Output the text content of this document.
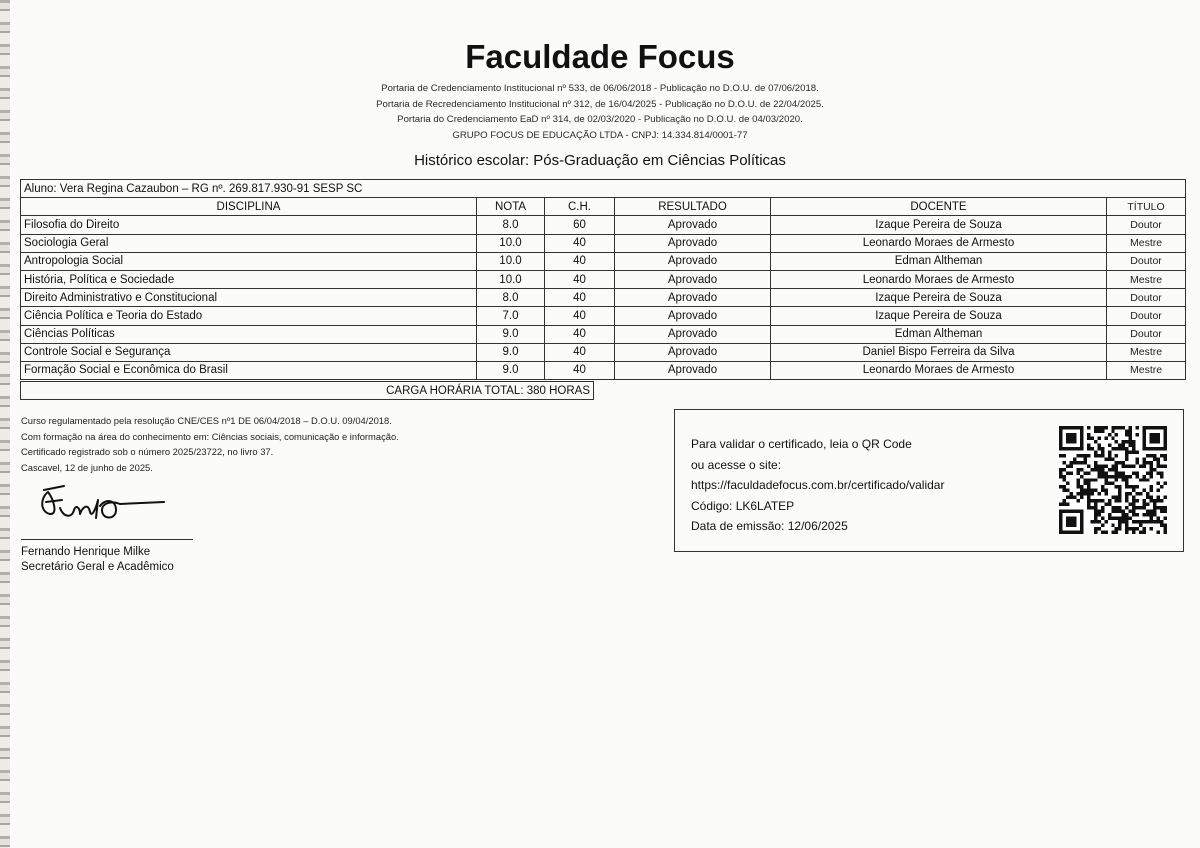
Faculdade Focus
Portaria de Credenciamento Institucional nº 533, de 06/06/2018 - Publicação no D.O.U. de 07/06/2018.
Portaria de Recredenciamento Institucional nº 312, de 16/04/2025 - Publicação no D.O.U. de 22/04/2025.
Portaria do Credenciamento EaD nº 314, de 02/03/2020 - Publicação no D.O.U. de 04/03/2020.
GRUPO FOCUS DE EDUCAÇÃO LTDA - CNPJ: 14.334.814/0001-77
Histórico escolar: Pós-Graduação em Ciências Políticas
Aluno: Vera Regina Cazaubon – RG nº. 269.817.930-91 SESP SC					
DISCIPLINA	NOTA	C.H.	RESULTADO	DOCENTE	TÍTULO
Filosofia do Direito	8.0	60	Aprovado	Izaque Pereira de Souza	Doutor
Sociologia Geral	10.0	40	Aprovado	Leonardo Moraes de Armesto	Mestre
Antropologia Social	10.0	40	Aprovado	Edman Altheman	Doutor
História, Política e Sociedade	10.0	40	Aprovado	Leonardo Moraes de Armesto	Mestre
Direito Administrativo e Constitucional	8.0	40	Aprovado	Izaque Pereira de Souza	Doutor
Ciência Política e Teoria do Estado	7.0	40	Aprovado	Izaque Pereira de Souza	Doutor
Ciências Políticas	9.0	40	Aprovado	Edman Altheman	Doutor
Controle Social e Segurança	9.0	40	Aprovado	Daniel Bispo Ferreira da Silva	Mestre
Formação Social e Econômica do Brasil	9.0	40	Aprovado	Leonardo Moraes de Armesto	Mestre
CARGA HORÁRIA TOTAL: 380 HORAS
Curso regulamentado pela resolução CNE/CES nº1 DE 06/04/2018 – D.O.U. 09/04/2018.
Com formação na área do conhecimento em: Ciências sociais, comunicação e informação.
Certificado registrado sob o número 2025/23722, no livro 37.
Cascavel, 12 de junho de 2025.
Fernando Henrique Milke
Secretário Geral e Acadêmico
Para validar o certificado, leia o QR Code
ou acesse o site:
https://faculdadefocus.com.br/certificado/validar
Código: LK6LATEP
Data de emissão: 12/06/2025
